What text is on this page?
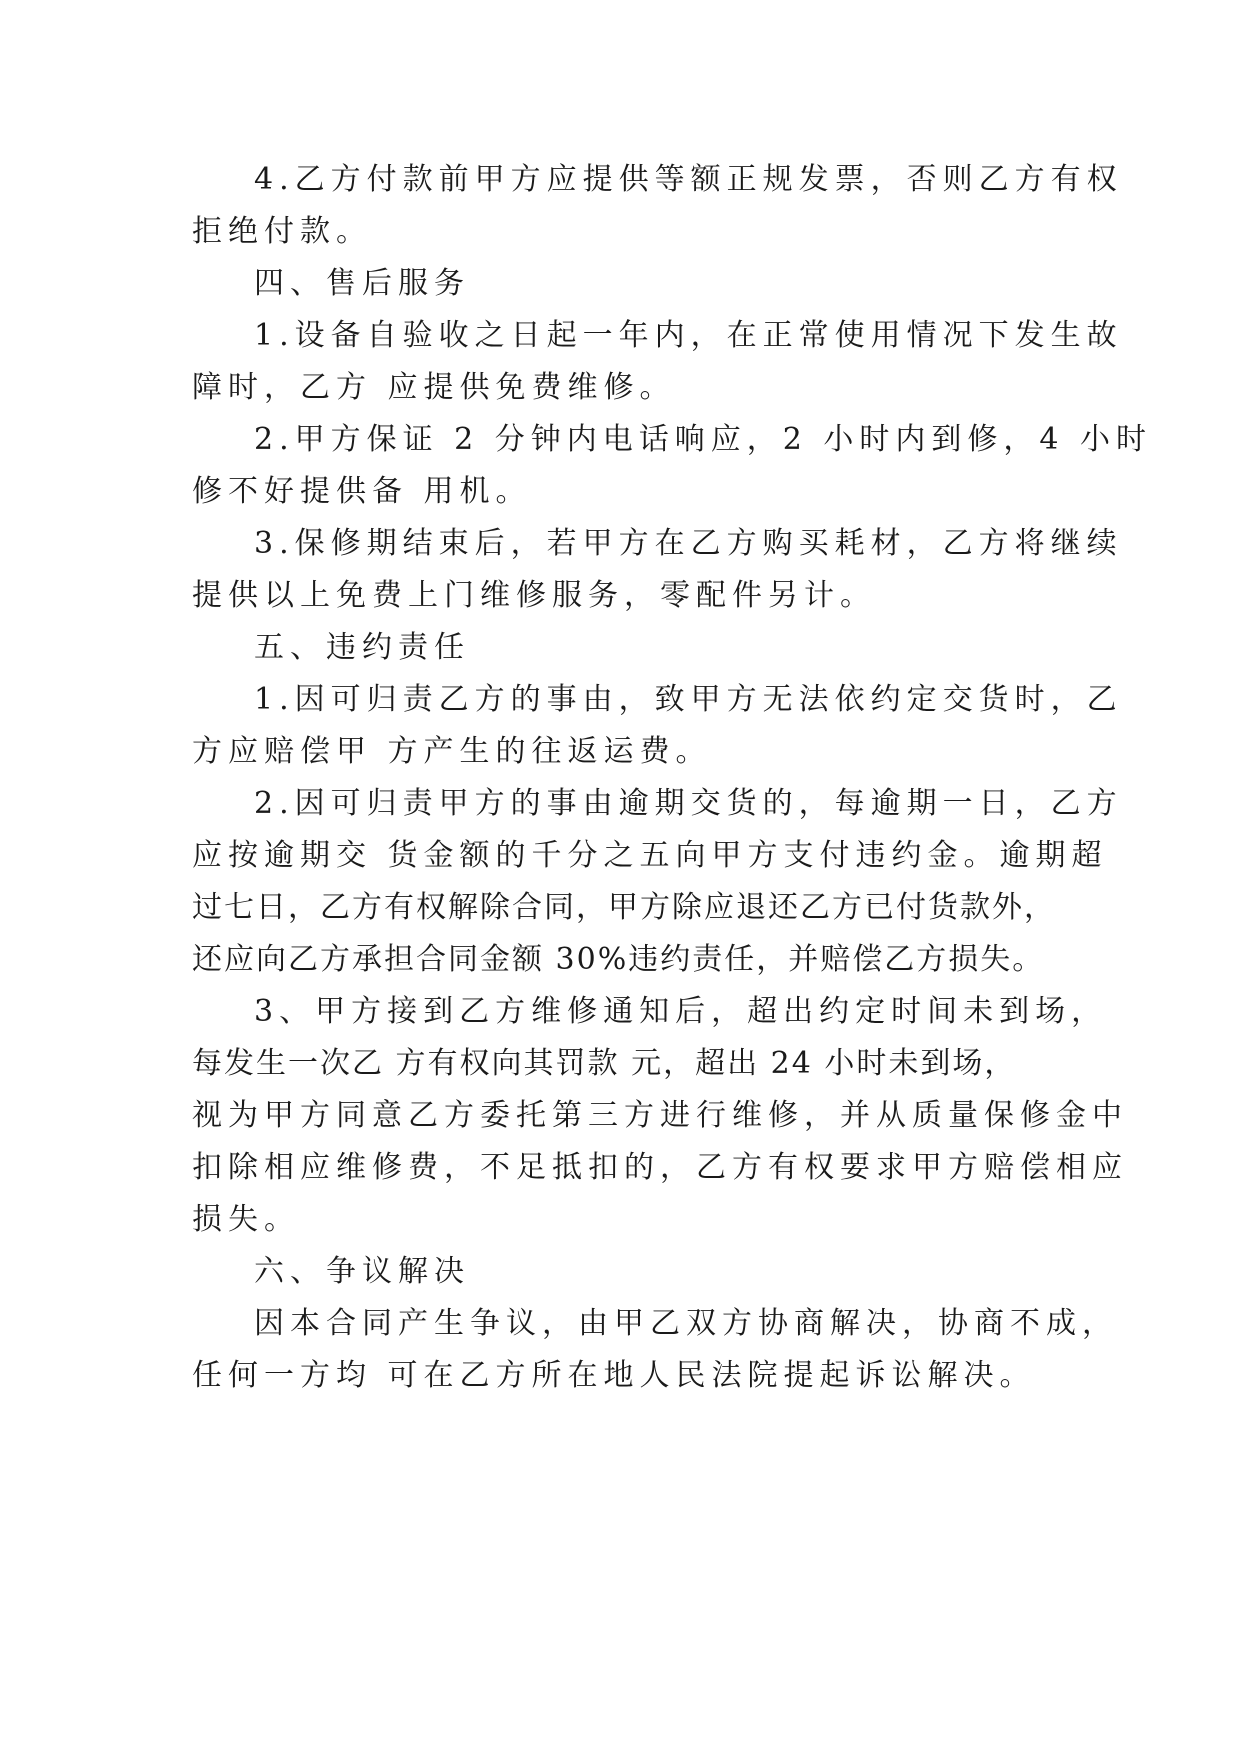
4.乙方付款前甲方应提供等额正规发票，否则乙方有权
拒绝付款。
四、售后服务
1.设备自验收之日起一年内，在正常使用情况下发生故
障时，乙方 应提供免费维修。
2.甲方保证 2 分钟内电话响应，2 小时内到修，4 小时
修不好提供备 用机。
3.保修期结束后，若甲方在乙方购买耗材，乙方将继续
提供以上免费上门维修服务，零配件另计。
五、违约责任
1.因可归责乙方的事由，致甲方无法依约定交货时，乙
方应赔偿甲 方产生的往返运费。
2.因可归责甲方的事由逾期交货的，每逾期一日，乙方
应按逾期交 货金额的千分之五向甲方支付违约金。逾期超
过七日，乙方有权解除合同，甲方除应退还乙方已付货款外，
还应向乙方承担合同金额 30%违约责任，并赔偿乙方损失。
3、甲方接到乙方维修通知后，超出约定时间未到场，
每发生一次乙 方有权向其罚款 元，超出 24 小时未到场，
视为甲方同意乙方委托第三方进行维修，并从质量保修金中
扣除相应维修费，不足抵扣的，乙方有权要求甲方赔偿相应
损失。
六、争议解决
因本合同产生争议，由甲乙双方协商解决，协商不成，
任何一方均 可在乙方所在地人民法院提起诉讼解决。
